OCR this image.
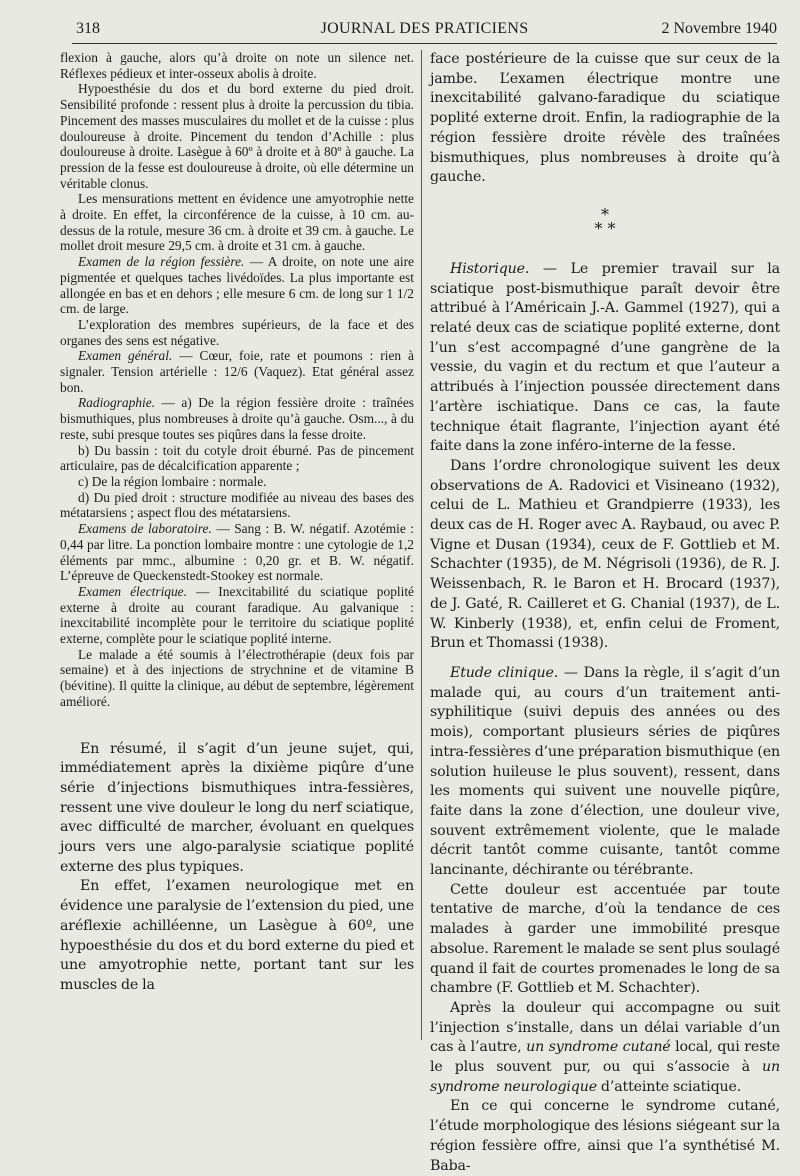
318	JOURNAL DES PRATICIENS	2 Novembre 1940

flexion à gauche, alors qu’à droite on note un silence net. Réflexes pédieux et inter-osseux abolis à droite.

Hypoesthésie du dos et du bord externe du pied droit. Sensibilité profonde : ressent plus à droite la percussion du tibia. Pincement des masses musculaires du mollet et de la cuisse : plus douloureuse à droite. Pincement du tendon d’Achille : plus douloureuse à droite. Lasègue à 60º à droite et à 80º à gauche. La pression de la fesse est douloureuse à droite, où elle détermine un véritable clonus.

Les mensurations mettent en évidence une amyotrophie nette à droite. En effet, la circonférence de la cuisse, à 10 cm. au-dessus de la rotule, mesure 36 cm. à droite et 39 cm. à gauche. Le mollet droit mesure 29,5 cm. à droite et 31 cm. à gauche.

Examen de la région fessière. — A droite, on note une aire pigmentée et quelques taches livédoïdes. La plus importante est allongée en bas et en dehors ; elle mesure 6 cm. de long sur 1 1/2 cm. de large.

L’exploration des membres supérieurs, de la face et des organes des sens est négative.

Examen général. — Cœur, foie, rate et poumons : rien à signaler. Tension artérielle : 12/6 (Vaquez). Etat général assez bon.

Radiographie. — a) De la région fessière droite : traînées bismuthiques, plus nombreuses à droite qu’à gauche. Osm..., à du reste, subi presque toutes ses piqûres dans la fesse droite.

b) Du bassin : toit du cotyle droit éburné. Pas de pincement articulaire, pas de décalcification apparente ;

c) De la région lombaire : normale.

d) Du pied droit : structure modifiée au niveau des bases des métatarsiens ; aspect flou des métatarsiens.

Examens de laboratoire. — Sang : B. W. négatif. Azotémie : 0,44 par litre. La ponction lombaire montre : une cytologie de 1,2 éléments par mmc., albumine : 0,20 gr. et B. W. négatif. L’épreuve de Queckenstedt-Stookey est normale.

Examen électrique. — Inexcitabilité du sciatique poplité externe à droite au courant faradique. Au galvanique : inexcitabilité incomplète pour le territoire du sciatique poplité externe, complète pour le sciatique poplité interne.

Le malade a été soumis à l’électrothérapie (deux fois par semaine) et à des injections de strychnine et de vitamine B (bévitine). Il quitte la clinique, au début de septembre, légèrement amélioré.

En résumé, il s’agit d’un jeune sujet, qui, immédiatement après la dixième piqûre d’une série d’injections bismuthiques intra-fessières, ressent une vive douleur le long du nerf sciatique, avec difficulté de marcher, évoluant en quelques jours vers une algo-paralysie sciatique poplité externe des plus typiques.

En effet, l’examen neurologique met en évidence une paralysie de l’extension du pied, une aréflexie achilléenne, un Lasègue à 60º, une hypoesthésie du dos et du bord externe du pied et une amyotrophie nette, portant tant sur les muscles de la

face postérieure de la cuisse que sur ceux de la jambe. L’examen électrique montre une inexcitabilité galvano-faradique du sciatique poplité externe droit. Enfin, la radiographie de la région fessière droite révèle des traînées bismuthiques, plus nombreuses à droite qu’à gauche.

*
* *

Historique. — Le premier travail sur la sciatique post-bismuthique paraît devoir être attribué à l’Américain J.-A. Gammel (1927), qui a relaté deux cas de sciatique poplité externe, dont l’un s’est accompagné d’une gangrène de la vessie, du vagin et du rectum et que l’auteur a attribués à l’injection poussée directement dans l’artère ischiatique. Dans ce cas, la faute technique était flagrante, l’injection ayant été faite dans la zone inféro-interne de la fesse.

Dans l’ordre chronologique suivent les deux observations de A. Radovici et Visineano (1932), celui de L. Mathieu et Grandpierre (1933), les deux cas de H. Roger avec A. Raybaud, ou avec P. Vigne et Dusan (1934), ceux de F. Gottlieb et M. Schachter (1935), de M. Négrisoli (1936), de R. J. Weissenbach, R. le Baron et H. Brocard (1937), de J. Gaté, R. Cailleret et G. Chanial (1937), de L. W. Kinberly (1938), et, enfin celui de Froment, Brun et Thomassi (1938).

Etude clinique. — Dans la règle, il s’agit d’un malade qui, au cours d’un traitement anti-syphilitique (suivi depuis des années ou des mois), comportant plusieurs séries de piqûres intra-fessières d’une préparation bismuthique (en solution huileuse le plus souvent), ressent, dans les moments qui suivent une nouvelle piqûre, faite dans la zone d’élection, une douleur vive, souvent extrêmement violente, que le malade décrit tantôt comme cuisante, tantôt comme lancinante, déchirante ou térébrante.

Cette douleur est accentuée par toute tentative de marche, d’où la tendance de ces malades à garder une immobilité presque absolue. Rarement le malade se sent plus soulagé quand il fait de courtes promenades le long de sa chambre (F. Gottlieb et M. Schachter).

Après la douleur qui accompagne ou suit l’injection s’installe, dans un délai variable d’un cas à l’autre, un syndrome cutané local, qui reste le plus souvent pur, ou qui s’associe à un syndrome neurologique d’atteinte sciatique.

En ce qui concerne le syndrome cutané, l’étude morphologique des lésions siégeant sur la région fessière offre, ainsi que l’a synthétisé M. Baba-
